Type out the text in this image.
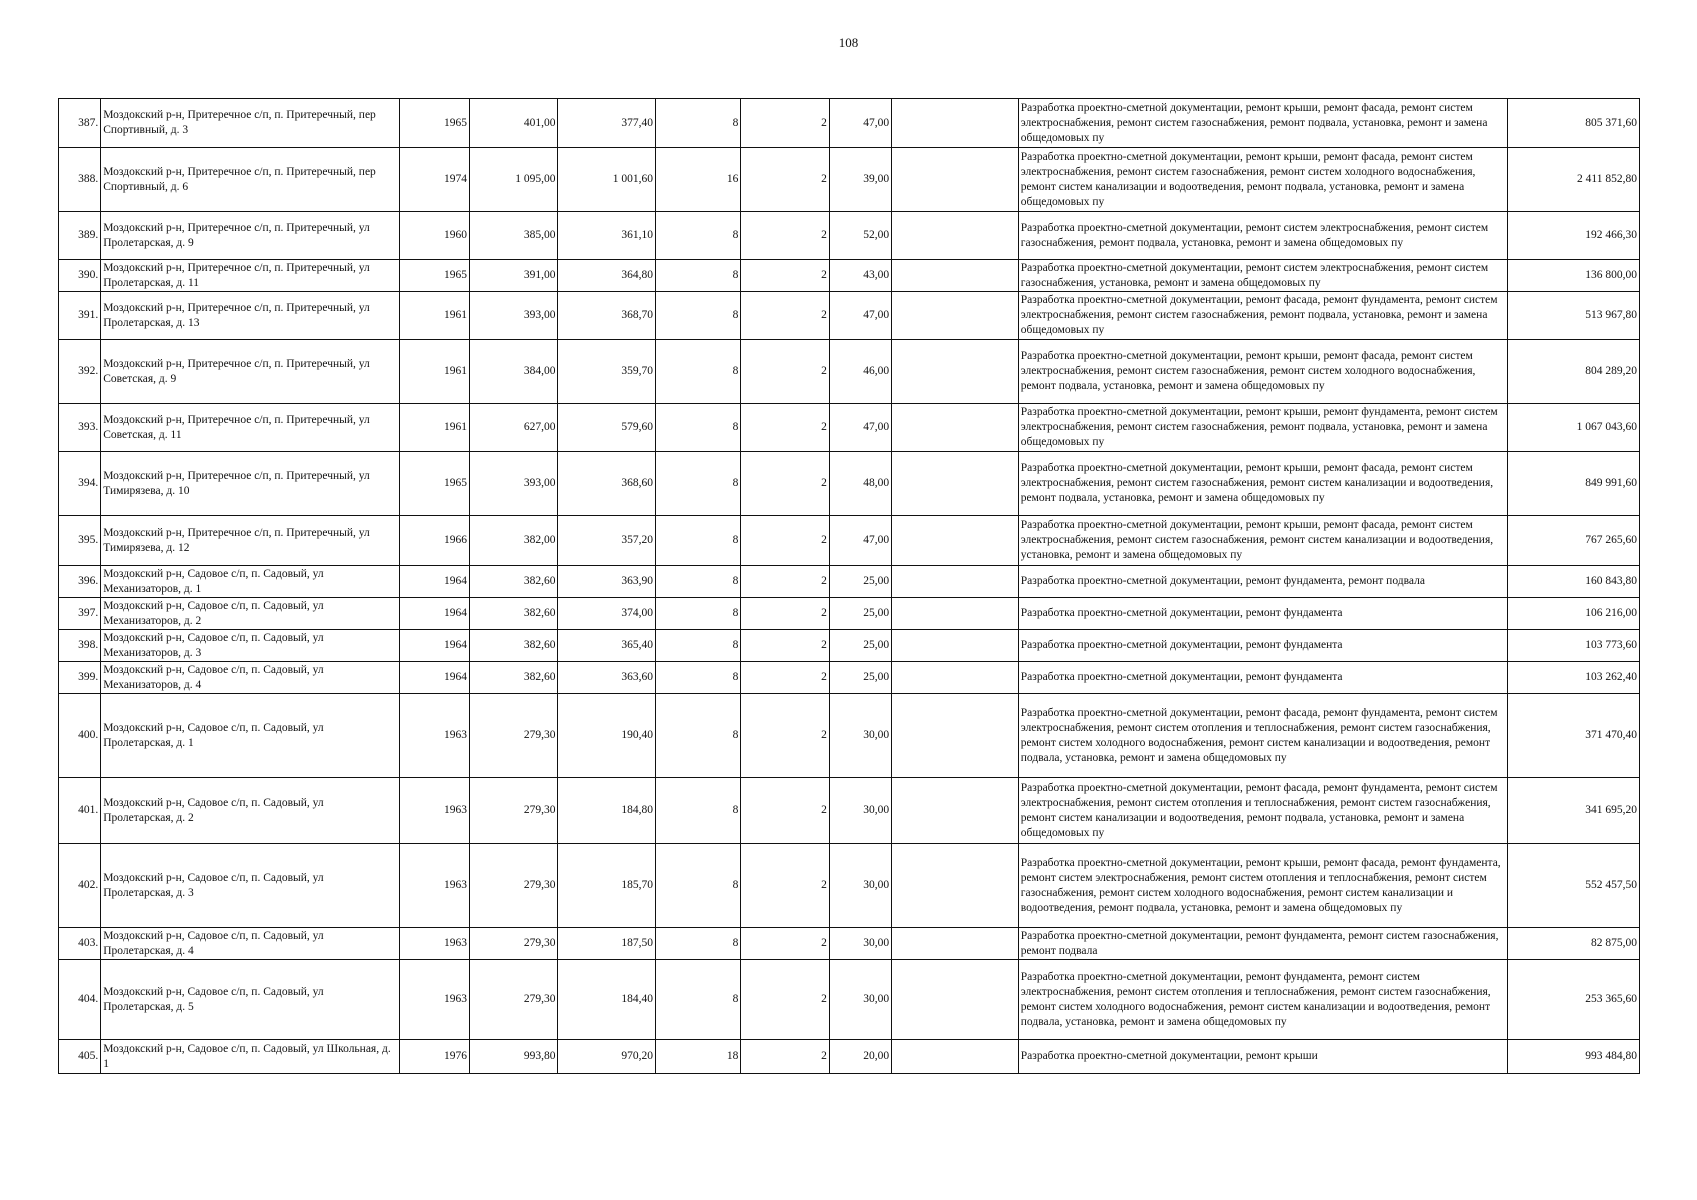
108
387.	Моздокский р-н, Притеречное с/п, п. Притеречный, пер Спортивный, д. 3	1965	401,00	377,40	8	2	47,00		Разработка проектно-сметной документации, ремонт крыши, ремонт фасада, ремонт систем электроснабжения, ремонт систем газоснабжения, ремонт подвала, установка, ремонт и замена общедомовых пу	805 371,60
388.	Моздокский р-н, Притеречное с/п, п. Притеречный, пер Спортивный, д. 6	1974	1 095,00	1 001,60	16	2	39,00		Разработка проектно-сметной документации, ремонт крыши, ремонт фасада, ремонт систем электроснабжения, ремонт систем газоснабжения, ремонт систем холодного водоснабжения, ремонт систем канализации и водоотведения, ремонт подвала, установка, ремонт и замена общедомовых пу	2 411 852,80
389.	Моздокский р-н, Притеречное с/п, п. Притеречный, ул Пролетарская, д. 9	1960	385,00	361,10	8	2	52,00		Разработка проектно-сметной документации, ремонт систем электроснабжения, ремонт систем газоснабжения, ремонт подвала, установка, ремонт и замена общедомовых пу	192 466,30
390.	Моздокский р-н, Притеречное с/п, п. Притеречный, ул Пролетарская, д. 11	1965	391,00	364,80	8	2	43,00		Разработка проектно-сметной документации, ремонт систем электроснабжения, ремонт систем газоснабжения, установка, ремонт и замена общедомовых пу	136 800,00
391.	Моздокский р-н, Притеречное с/п, п. Притеречный, ул Пролетарская, д. 13	1961	393,00	368,70	8	2	47,00		Разработка проектно-сметной документации, ремонт фасада, ремонт фундамента, ремонт систем электроснабжения, ремонт систем газоснабжения, ремонт подвала, установка, ремонт и замена общедомовых пу	513 967,80
392.	Моздокский р-н, Притеречное с/п, п. Притеречный, ул Советская, д. 9	1961	384,00	359,70	8	2	46,00		Разработка проектно-сметной документации, ремонт крыши, ремонт фасада, ремонт систем электроснабжения, ремонт систем газоснабжения, ремонт систем холодного водоснабжения, ремонт подвала, установка, ремонт и замена общедомовых пу	804 289,20
393.	Моздокский р-н, Притеречное с/п, п. Притеречный, ул Советская, д. 11	1961	627,00	579,60	8	2	47,00		Разработка проектно-сметной документации, ремонт крыши, ремонт фундамента, ремонт систем электроснабжения, ремонт систем газоснабжения, ремонт подвала, установка, ремонт и замена общедомовых пу	1 067 043,60
394.	Моздокский р-н, Притеречное с/п, п. Притеречный, ул Тимирязева, д. 10	1965	393,00	368,60	8	2	48,00		Разработка проектно-сметной документации, ремонт крыши, ремонт фасада, ремонт систем электроснабжения, ремонт систем газоснабжения, ремонт систем канализации и водоотведения, ремонт подвала, установка, ремонт и замена общедомовых пу	849 991,60
395.	Моздокский р-н, Притеречное с/п, п. Притеречный, ул Тимирязева, д. 12	1966	382,00	357,20	8	2	47,00		Разработка проектно-сметной документации, ремонт крыши, ремонт фасада, ремонт систем электроснабжения, ремонт систем газоснабжения, ремонт систем канализации и водоотведения, установка, ремонт и замена общедомовых пу	767 265,60
396.	Моздокский р-н, Садовое с/п, п. Садовый, ул Механизаторов, д. 1	1964	382,60	363,90	8	2	25,00		Разработка проектно-сметной документации, ремонт фундамента, ремонт подвала	160 843,80
397.	Моздокский р-н, Садовое с/п, п. Садовый, ул Механизаторов, д. 2	1964	382,60	374,00	8	2	25,00		Разработка проектно-сметной документации, ремонт фундамента	106 216,00
398.	Моздокский р-н, Садовое с/п, п. Садовый, ул Механизаторов, д. 3	1964	382,60	365,40	8	2	25,00		Разработка проектно-сметной документации, ремонт фундамента	103 773,60
399.	Моздокский р-н, Садовое с/п, п. Садовый, ул Механизаторов, д. 4	1964	382,60	363,60	8	2	25,00		Разработка проектно-сметной документации, ремонт фундамента	103 262,40
400.	Моздокский р-н, Садовое с/п, п. Садовый, ул Пролетарская, д. 1	1963	279,30	190,40	8	2	30,00		Разработка проектно-сметной документации, ремонт фасада, ремонт фундамента, ремонт систем электроснабжения, ремонт систем отопления и теплоснабжения, ремонт систем газоснабжения, ремонт систем холодного водоснабжения, ремонт систем канализации и водоотведения, ремонт подвала, установка, ремонт и замена общедомовых пу	371 470,40
401.	Моздокский р-н, Садовое с/п, п. Садовый, ул Пролетарская, д. 2	1963	279,30	184,80	8	2	30,00		Разработка проектно-сметной документации, ремонт фасада, ремонт фундамента, ремонт систем электроснабжения, ремонт систем отопления и теплоснабжения, ремонт систем газоснабжения, ремонт систем канализации и водоотведения, ремонт подвала, установка, ремонт и замена общедомовых пу	341 695,20
402.	Моздокский р-н, Садовое с/п, п. Садовый, ул Пролетарская, д. 3	1963	279,30	185,70	8	2	30,00		Разработка проектно-сметной документации, ремонт крыши, ремонт фасада, ремонт фундамента, ремонт систем электроснабжения, ремонт систем отопления и теплоснабжения, ремонт систем газоснабжения, ремонт систем холодного водоснабжения, ремонт систем канализации и водоотведения, ремонт подвала, установка, ремонт и замена общедомовых пу	552 457,50
403.	Моздокский р-н, Садовое с/п, п. Садовый, ул Пролетарская, д. 4	1963	279,30	187,50	8	2	30,00		Разработка проектно-сметной документации, ремонт фундамента, ремонт систем газоснабжения, ремонт подвала	82 875,00
404.	Моздокский р-н, Садовое с/п, п. Садовый, ул Пролетарская, д. 5	1963	279,30	184,40	8	2	30,00		Разработка проектно-сметной документации, ремонт фундамента, ремонт систем электроснабжения, ремонт систем отопления и теплоснабжения, ремонт систем газоснабжения, ремонт систем холодного водоснабжения, ремонт систем канализации и водоотведения, ремонт подвала, установка, ремонт и замена общедомовых пу	253 365,60
405.	Моздокский р-н, Садовое с/п, п. Садовый, ул Школьная, д. 1	1976	993,80	970,20	18	2	20,00		Разработка проектно-сметной документации, ремонт крыши	993 484,80
